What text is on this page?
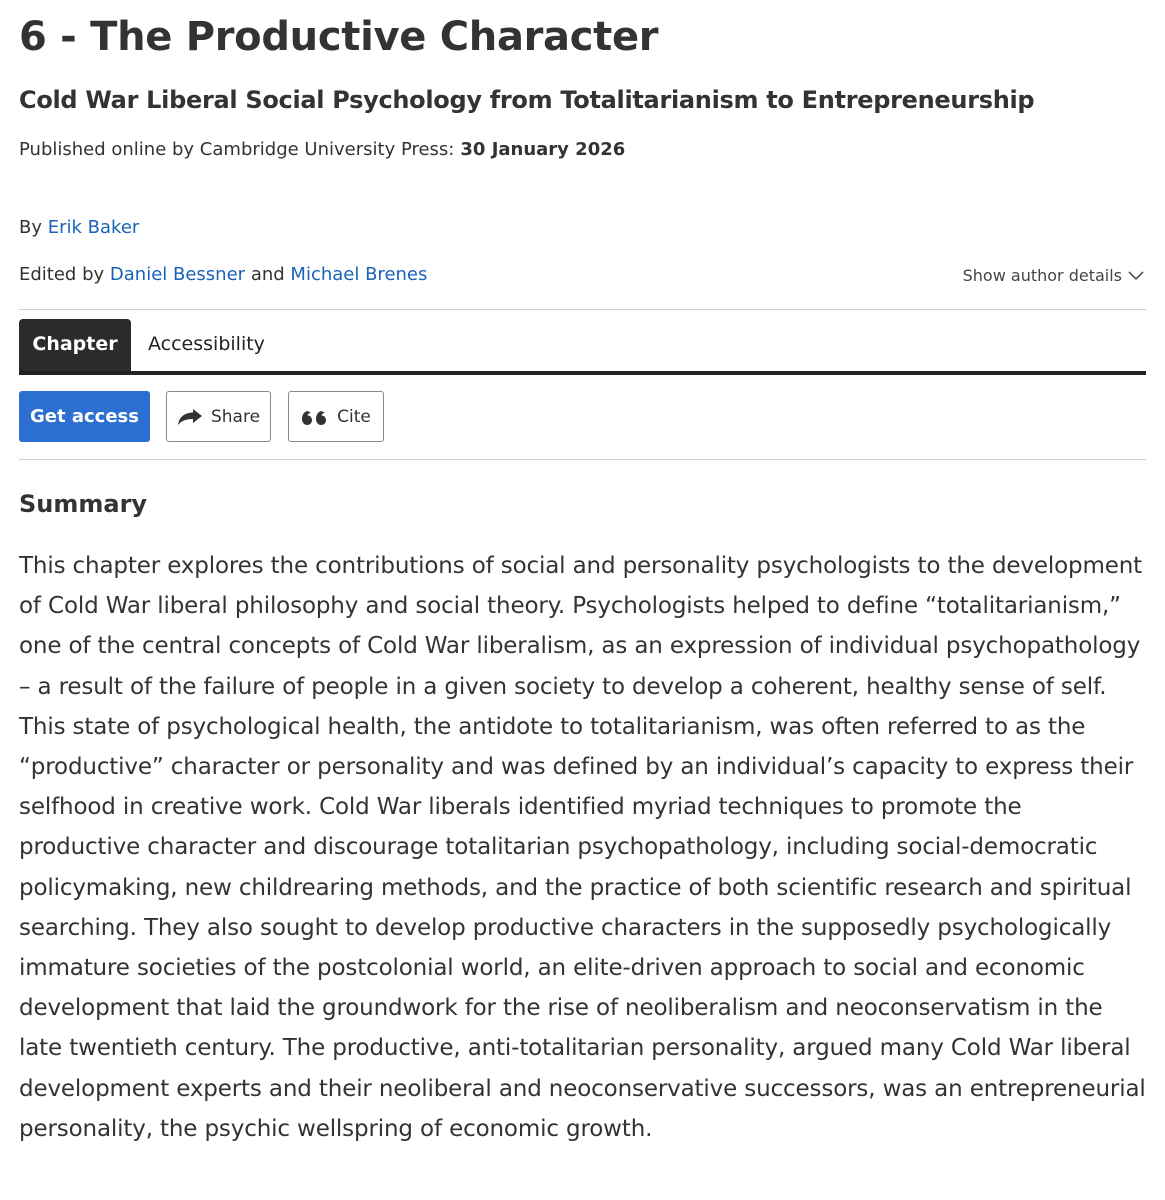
6 - The Productive Character
Cold War Liberal Social Psychology from Totalitarianism to Entrepreneurship
Published online by Cambridge University Press: 30 January 2026
By Erik Baker
Edited by Daniel Bessner and Michael Brenes	Show author details
Chapter	Accessibility
Get access	Share	Cite
Summary

This chapter explores the contributions of social and personality psychologists to the development of Cold War liberal philosophy and social theory. Psychologists helped to define “totalitarianism,” one of the central concepts of Cold War liberalism, as an expression of individual psychopathology – a result of the failure of people in a given society to develop a coherent, healthy sense of self. This state of psychological health, the antidote to totalitarianism, was often referred to as the “productive” character or personality and was defined by an individual’s capacity to express their selfhood in creative work. Cold War liberals identified myriad techniques to promote the productive character and discourage totalitarian psychopathology, including social-democratic policymaking, new childrearing methods, and the practice of both scientific research and spiritual searching. They also sought to develop productive characters in the supposedly psychologically immature societies of the postcolonial world, an elite-driven approach to social and economic development that laid the groundwork for the rise of neoliberalism and neoconservatism in the late twentieth century. The productive, anti-totalitarian personality, argued many Cold War liberal development experts and their neoliberal and neoconservative successors, was an entrepreneurial personality, the psychic wellspring of economic growth.
